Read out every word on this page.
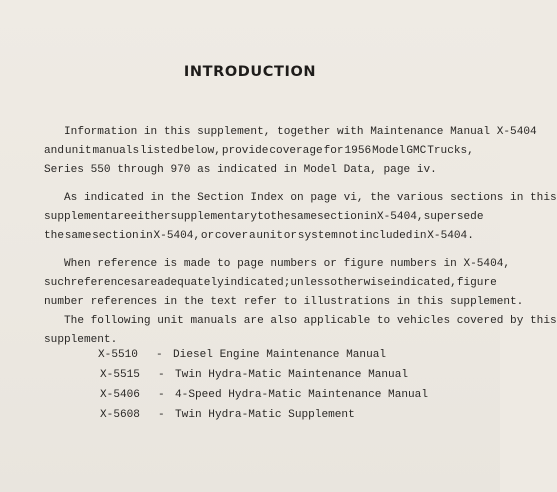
INTRODUCTION
Information in this supplement, together with Maintenance Manual X-5404
and unit manuals listed below, provide coverage for 1956 Model GMC Trucks,
Series 550 through 970 as indicated in Model Data, page iv.
As indicated in the Section Index on page vi, the various sections in this
supplement are either supplementary to the same section in X-5404, supersede
the same section in X-5404, or cover a unit or system not included in X-5404.
When reference is made to page numbers or figure numbers in X-5404,
such references are adequately indicated; unless otherwise indicated, figure
number references in the text refer to illustrations in this supplement.
The following unit manuals are also applicable to vehicles covered by this
supplement.
X-5510 - Diesel Engine Maintenance Manual
X-5515 - Twin Hydra-Matic Maintenance Manual
X-5406 - 4-Speed Hydra-Matic Maintenance Manual
X-5608 - Twin Hydra-Matic Supplement
